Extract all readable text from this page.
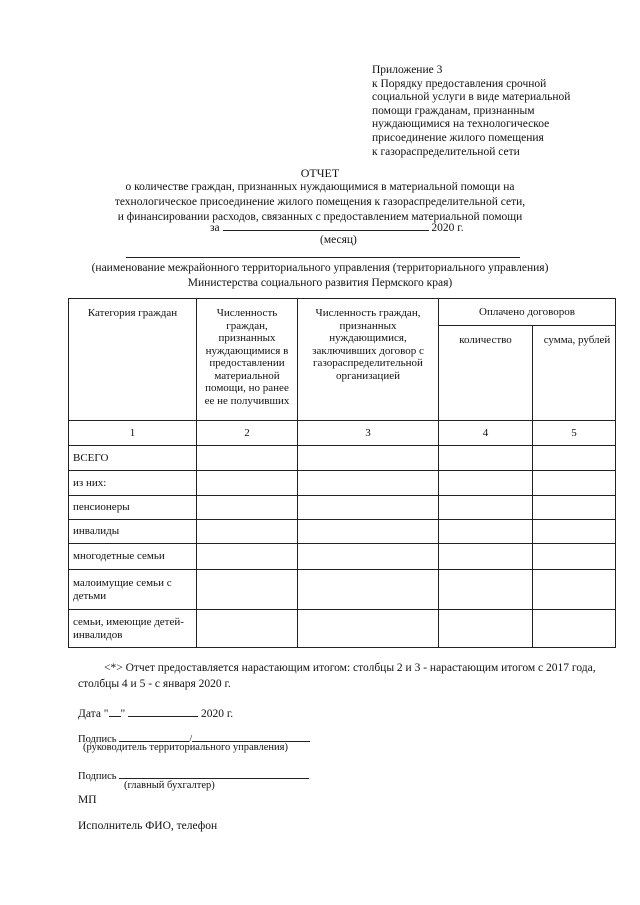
Приложение 3
к Порядку предоставления срочной
социальной услуги в виде материальной
помощи гражданам, признанным
нуждающимися на технологическое
присоединение жилого помещения
к газораспределительной сети
ОТЧЕТ
о количестве граждан, признанных нуждающимися в материальной помощи на
технологическое присоединение жилого помещения к газораспределительной сети,
и финансировании расходов, связанных с предоставлением материальной помощи
за	2020 г.
(месяц)
(наименование межрайонного территориального управления (территориального управления)
Министерства социального развития Пермского края)
Категория граждан	Численность граждан, признанных нуждающимися в предоставлении материальной помощи, но ранее ее не получивших	Численность граждан, признанных нуждающимися, заключивших договор с газораспределительной организацией	Оплачено договоров	
			количество	сумма, рублей
1	2	3	4	5
ВСЕГО				
из них:				
пенсионеры				
инвалиды				
многодетные семьи				
малоимущие семьи с детьми				
семьи, имеющие детей-инвалидов				
<*> Отчет предоставляется нарастающим итогом: столбцы 2 и 3 - нарастающим итогом с 2017 года, столбцы 4 и 5 - с января 2020 г.
Дата " "	2020 г.
Подпись	/
(руководитель территориального управления)
Подпись
(главный бухгалтер)
МП
Исполнитель ФИО, телефон
